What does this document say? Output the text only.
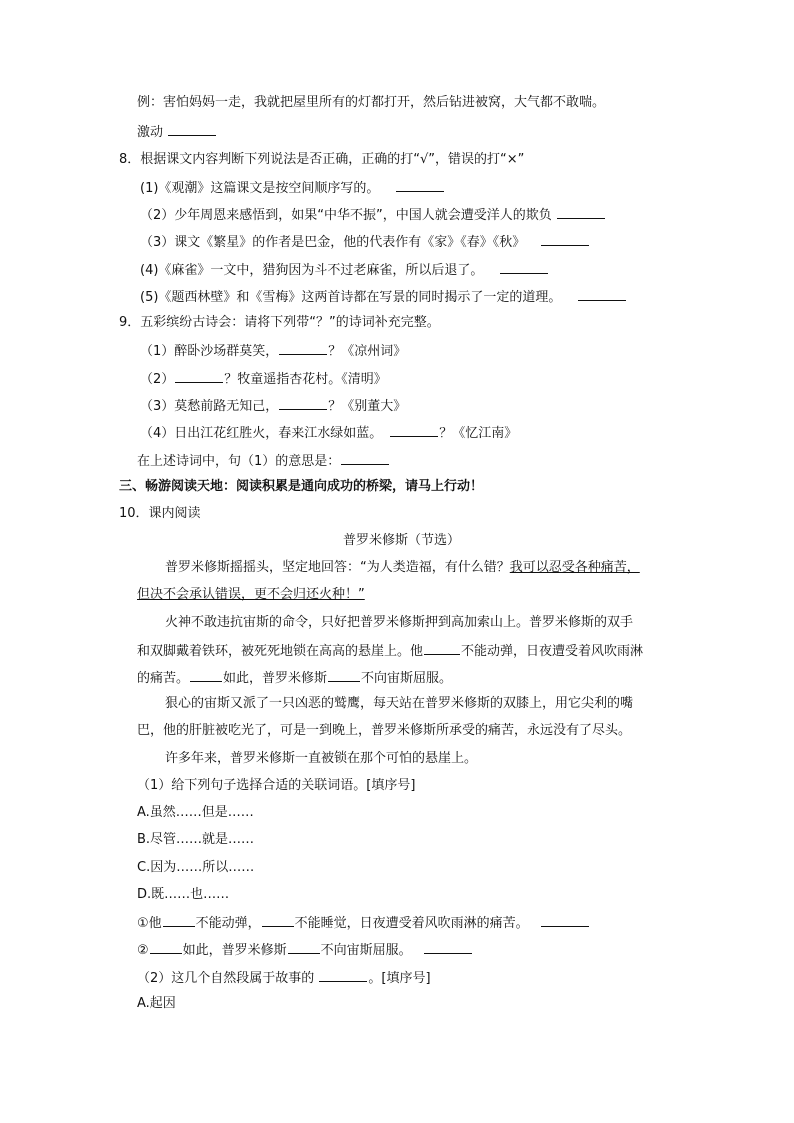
例：害怕妈妈一走，我就把屋里所有的灯都打开，然后钻进被窝，大气都不敢喘。
激动
8．根据课文内容判断下列说法是否正确，正确的打“√”，错误的打“×”
(1)《观潮》这篇课文是按空间顺序写的。
（2）少年周恩来感悟到，如果“中华不振”，中国人就会遭受洋人的欺负
（3）课文《繁星》的作者是巴金，他的代表作有《家》《春》《秋》
(4)《麻雀》一文中，猎狗因为斗不过老麻雀，所以后退了。
(5)《题西林壁》和《雪梅》这两首诗都在写景的同时揭示了一定的道理。
9．五彩缤纷古诗会：请将下列带“？”的诗词补充完整。
（1）醉卧沙场群莫笑，	？《凉州词》
（2）	？牧童遥指杏花村。《清明》
（3）莫愁前路无知己，	？《别董大》
（4）日出江花红胜火，春来江水绿如蓝。	？《忆江南》
在上述诗词中，句（1）的意思是：
三、畅游阅读天地：阅读积累是通向成功的桥梁，请马上行动！
10．课内阅读
普罗米修斯（节选）
普罗米修斯摇摇头，坚定地回答：“为人类造福，有什么错？我可以忍受各种痛苦，
但决不会承认错误，更不会归还火种！”
火神不敢违抗宙斯的命令，只好把普罗米修斯押到高加索山上。普罗米修斯的双手
和双脚戴着铁环，被死死地锁在高高的悬崖上。他	不能动弹，日夜遭受着风吹雨淋
的痛苦。	如此，普罗米修斯	不向宙斯屈服。
狠心的宙斯又派了一只凶恶的鹫鹰，每天站在普罗米修斯的双膝上，用它尖利的嘴
巴，他的肝脏被吃光了，可是一到晚上，普罗米修斯所承受的痛苦，永远没有了尽头。
许多年来，普罗米修斯一直被锁在那个可怕的悬崖上。
（1）给下列句子选择合适的关联词语。[填序号]
A.虽然……但是……
B.尽管……就是……
C.因为……所以……
D.既……也……
①他	不能动弹，	不能睡觉，日夜遭受着风吹雨淋的痛苦。
②	如此，普罗米修斯	不向宙斯屈服。
（2）这几个自然段属于故事的	。[填序号]
A.起因
